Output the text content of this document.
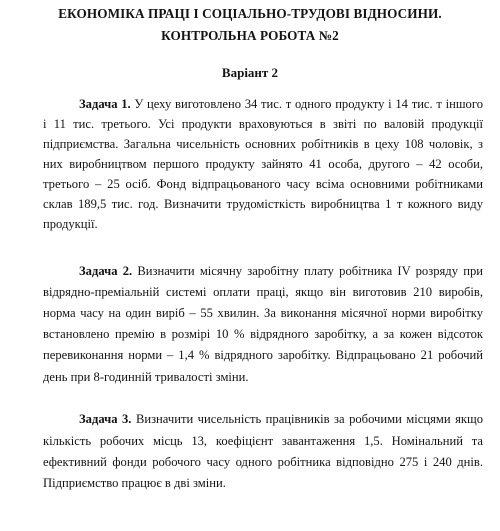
ЕКОНОМІКА ПРАЦІ І СОЦІАЛЬНО-ТРУДОВІ ВІДНОСИНИ.
КОНТРОЛЬНА РОБОТА №2
Варіант 2
Задача 1. У цеху виготовлено 34 тис. т одного продукту і 14 тис. т іншого
і 11 тис. третього. Усі продукти враховуються в звіті по валовій продукції
підприємства. Загальна чисельність основних робітників в цеху 108 чоловік, з
них виробництвом першого продукту зайнято 41 особа, другого – 42 особи,
третього – 25 осіб. Фонд відпрацьованого часу всіма основними робітниками
склав 189,5 тис. год. Визначити трудомісткість виробництва 1 т кожного виду
продукції.
Задача 2. Визначити місячну заробітну плату робітника IV розряду при
відрядно-преміальній системі оплати праці, якщо він виготовив 210 виробів,
норма часу на один виріб – 55 хвилин. За виконання місячної норми виробітку
встановлено премію в розмірі 10 % відрядного заробітку, а за кожен відсоток
перевиконання норми – 1,4 % відрядного заробітку. Відпрацьовано 21 робочий
день при 8-годинній тривалості зміни.
Задача 3. Визначити чисельність працівників за робочими місцями якщо
кількість робочих місць 13, коефіцієнт завантаження 1,5. Номінальний та
ефективний фонди робочого часу одного робітника відповідно 275 і 240 днів.
Підприємство працює в дві зміни.
